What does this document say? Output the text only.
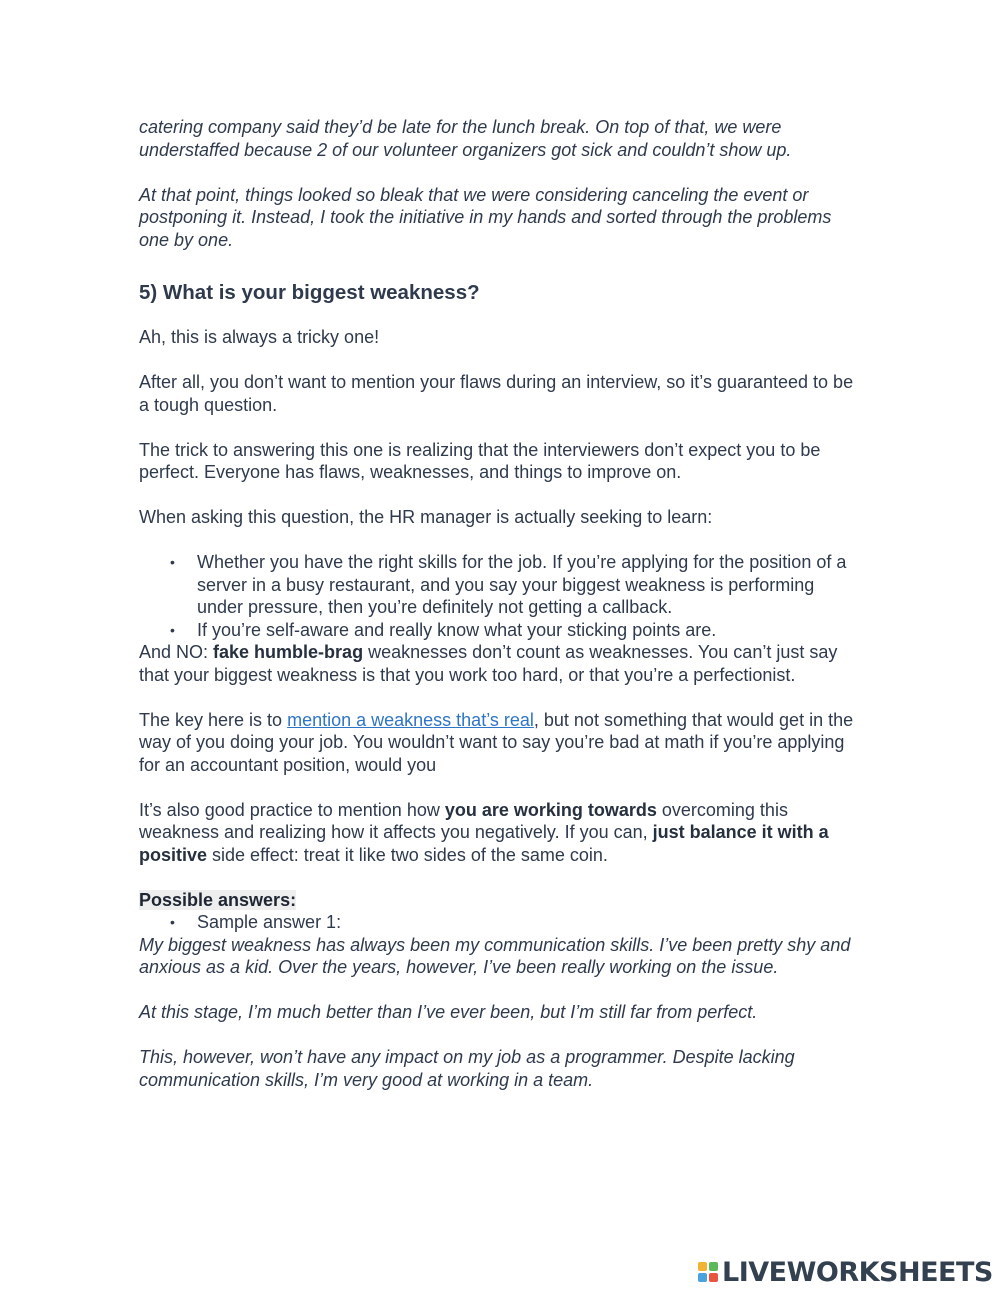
catering company said they’d be late for the lunch break. On top of that, we were understaffed because 2 of our volunteer organizers got sick and couldn’t show up.

At that point, things looked so bleak that we were considering canceling the event or postponing it. Instead, I took the initiative in my hands and sorted through the problems one by one.

5) What is your biggest weakness?

Ah, this is always a tricky one!

After all, you don’t want to mention your flaws during an interview, so it’s guaranteed to be a tough question.

The trick to answering this one is realizing that the interviewers don’t expect you to be perfect. Everyone has flaws, weaknesses, and things to improve on.

When asking this question, the HR manager is actually seeking to learn:

• Whether you have the right skills for the job. If you’re applying for the position of a server in a busy restaurant, and you say your biggest weakness is performing under pressure, then you’re definitely not getting a callback.
• If you’re self-aware and really know what your sticking points are.

And NO: fake humble-brag weaknesses don’t count as weaknesses. You can’t just say that your biggest weakness is that you work too hard, or that you’re a perfectionist.

The key here is to mention a weakness that’s real, but not something that would get in the way of you doing your job. You wouldn’t want to say you’re bad at math if you’re applying for an accountant position, would you

It’s also good practice to mention how you are working towards overcoming this weakness and realizing how it affects you negatively. If you can, just balance it with a positive side effect: treat it like two sides of the same coin.

Possible answers:

• Sample answer 1:

My biggest weakness has always been my communication skills. I’ve been pretty shy and anxious as a kid. Over the years, however, I’ve been really working on the issue.

At this stage, I’m much better than I’ve ever been, but I’m still far from perfect.

This, however, won’t have any impact on my job as a programmer. Despite lacking communication skills, I’m very good at working in a team.

LIVEWORKSHEETS
